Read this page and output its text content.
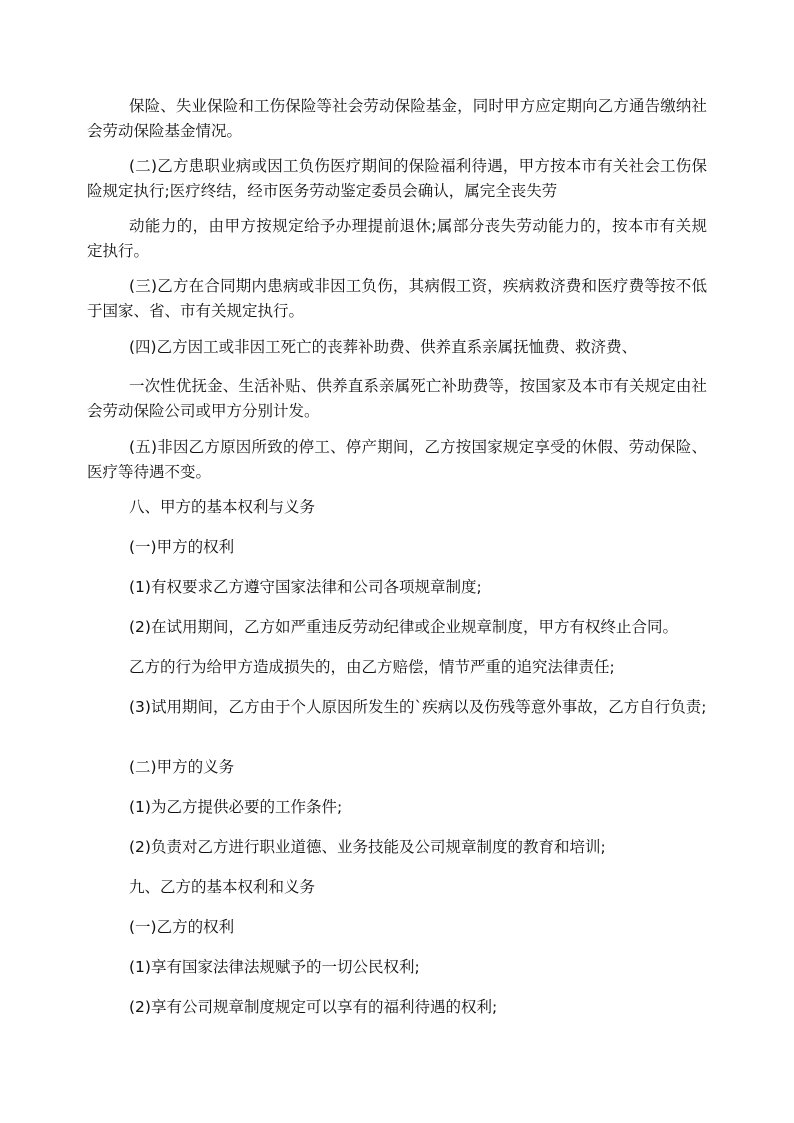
保险、失业保险和工伤保险等社会劳动保险基金，同时甲方应定期向乙方通告缴纳社会劳动保险基金情况。

(二)乙方患职业病或因工负伤医疗期间的保险福利待遇，甲方按本市有关社会工伤保险规定执行;医疗终结，经市医务劳动鉴定委员会确认，属完全丧失劳

动能力的，由甲方按规定给予办理提前退休;属部分丧失劳动能力的，按本市有关规定执行。

(三)乙方在合同期内患病或非因工负伤，其病假工资，疾病救济费和医疗费等按不低于国家、省、市有关规定执行。

(四)乙方因工或非因工死亡的丧葬补助费、供养直系亲属抚恤费、救济费、

一次性优抚金、生活补贴、供养直系亲属死亡补助费等，按国家及本市有关规定由社会劳动保险公司或甲方分别计发。

(五)非因乙方原因所致的停工、停产期间，乙方按国家规定享受的休假、劳动保险、医疗等待遇不变。

八、甲方的基本权利与义务

(一)甲方的权利

(1)有权要求乙方遵守国家法律和公司各项规章制度;

(2)在试用期间，乙方如严重违反劳动纪律或企业规章制度，甲方有权终止合同。

乙方的行为给甲方造成损失的，由乙方赔偿，情节严重的追究法律责任;

(3)试用期间，乙方由于个人原因所发生的`疾病以及伤残等意外事故，乙方自行负责;

(二)甲方的义务

(1)为乙方提供必要的工作条件;

(2)负责对乙方进行职业道德、业务技能及公司规章制度的教育和培训;

九、乙方的基本权利和义务

(一)乙方的权利

(1)享有国家法律法规赋予的一切公民权利;

(2)享有公司规章制度规定可以享有的福利待遇的权利;
